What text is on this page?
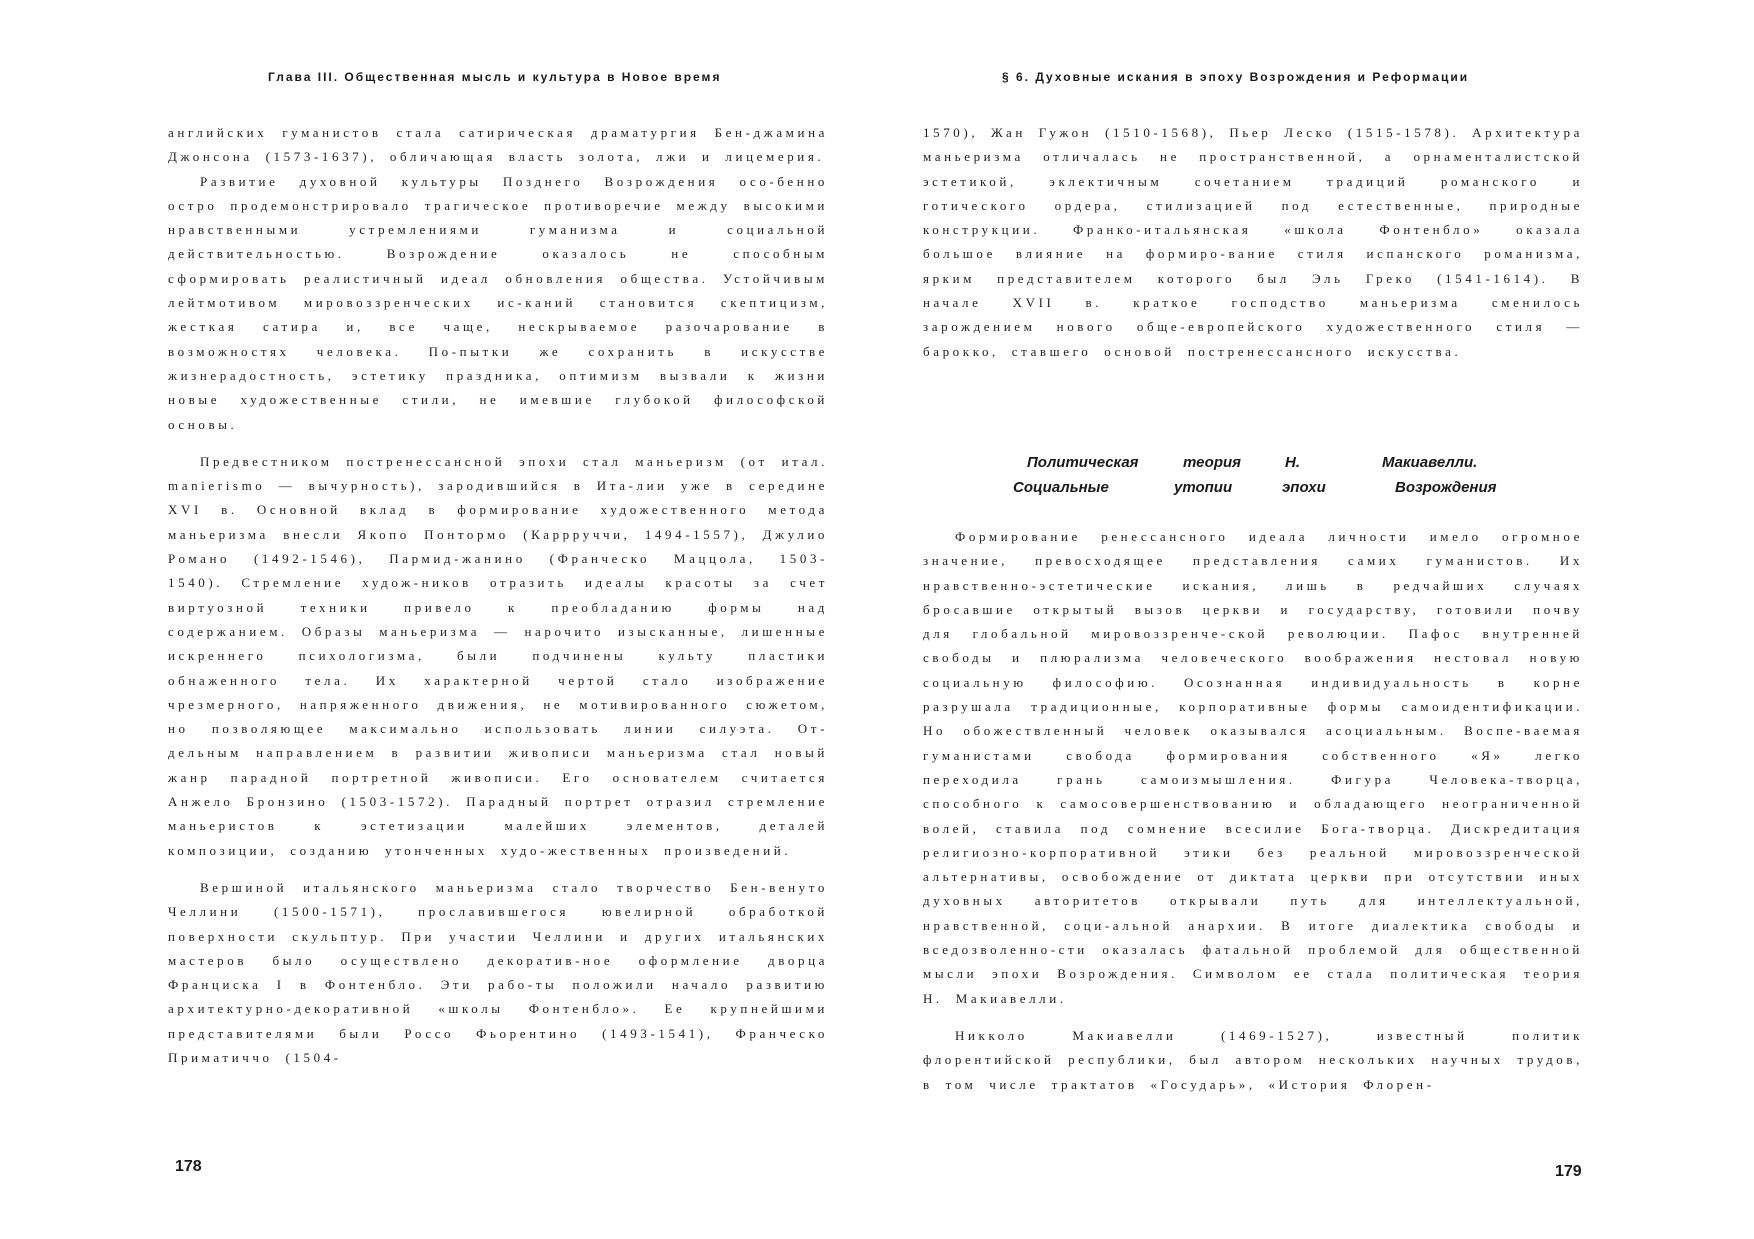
Глава III. Общественная мысль и культура в Новое время

английских гуманистов стала сатирическая драматургия Бен-джамина Джонсона (1573-1637), обличающая власть золота, лжи и лицемерия.

Развитие духовной культуры Позднего Возрождения осо-бенно остро продемонстрировало трагическое противоречие между высокими нравственными устремлениями гуманизма и социальной действительностью. Возрождение оказалось не способным сформировать реалистичный идеал обновления общества. Устойчивым лейтмотивом мировоззренческих ис-каний становится скептицизм, жесткая сатира и, все чаще, нескрываемое разочарование в возможностях человека. По-пытки же сохранить в искусстве жизнерадостность, эстетику праздника, оптимизм вызвали к жизни новые художественные стили, не имевшие глубокой философской основы.

Предвестником постренессансной эпохи стал маньеризм (от итал. manierismo — вычурность), зародившийся в Ита-лии уже в середине XVI в. Основной вклад в формирование художественного метода маньеризма внесли Якопо Понтормо (Каррруччи, 1494-1557), Джулио Романо (1492-1546), Пармид-жанино (Франческо Маццола, 1503-1540). Стремление худож-ников отразить идеалы красоты за счет виртуозной техники привело к преобладанию формы над содержанием. Образы маньеризма — нарочито изысканные, лишенные искреннего психологизма, были подчинены культу пластики обнаженного тела. Их характерной чертой стало изображение чрезмерного, напряженного движения, не мотивированного сюжетом, но позволяющее максимально использовать линии силуэта. От-дельным направлением в развитии живописи маньеризма стал новый жанр парадной портретной живописи. Его основателем считается Анжело Бронзино (1503-1572). Парадный портрет отразил стремление маньеристов к эстетизации малейших элементов, деталей композиции, созданию утонченных худо-жественных произведений.

Вершиной итальянского маньеризма стало творчество Бен-венуто Челлини (1500-1571), прославившегося ювелирной обработкой поверхности скульптур. При участии Челлини и других итальянских мастеров было осуществлено декоратив-ное оформление дворца Франциска I в Фонтенбло. Эти рабо-ты положили начало развитию архитектурно-декоративной «школы Фонтенбло». Ее крупнейшими представителями были Россо Фьорентино (1493-1541), Франческо Приматиччо (1504-

178
§ 6. Духовные искания в эпоху Возрождения и Реформации

1570), Жан Гужон (1510-1568), Пьер Леско (1515-1578). Архитектура маньеризма отличалась не пространственной, а орнаменталистской эстетикой, эклектичным сочетанием традиций романского и готического ордера, стилизацией под естественные, природные конструкции. Франко-итальянская «школа Фонтенбло» оказала большое влияние на формиро-вание стиля испанского романизма, ярким представителем которого был Эль Греко (1541-1614). В начале XVII в. краткое господство маньеризма сменилось зарождением нового обще-европейского художественного стиля — барокко, ставшего основой постренессансного искусства.

Политическая	теория	Н.	Макиавелли.
Социальные	утопии	эпохи	Возрождения

Формирование ренессансного идеала личности имело огромное значение, превосходящее представления самих гуманистов. Их нравственно-эстетические искания, лишь в редчайших случаях бросавшие открытый вызов церкви и государству, готовили почву для глобальной мировоззренче-ской революции. Пафос внутренней свободы и плюрализма человеческого воображения нестовал новую социальную философию. Осознанная индивидуальность в корне разрушала традиционные, корпоративные формы самоидентификации. Но обожествленный человек оказывался асоциальным. Воспе-ваемая гуманистами свобода формирования собственного «Я» легко переходила грань самоизмышления. Фигура Человека-творца, способного к самосовершенствованию и обладающего неограниченной волей, ставила под сомнение всесилие Бога-творца. Дискредитация религиозно-корпоративной этики без реальной мировоззренческой альтернативы, освобождение от диктата церкви при отсутствии иных духовных авторитетов открывали путь для интеллектуальной, нравственной, соци-альной анархии. В итоге диалектика свободы и вседозволенно-сти оказалась фатальной проблемой для общественной мысли эпохи Возрождения. Символом ее стала политическая теория Н. Макиавелли.

Никколо Макиавелли (1469-1527), известный политик флорентийской республики, был автором нескольких научных трудов, в том числе трактатов «Государь», «История Флорен-

179
